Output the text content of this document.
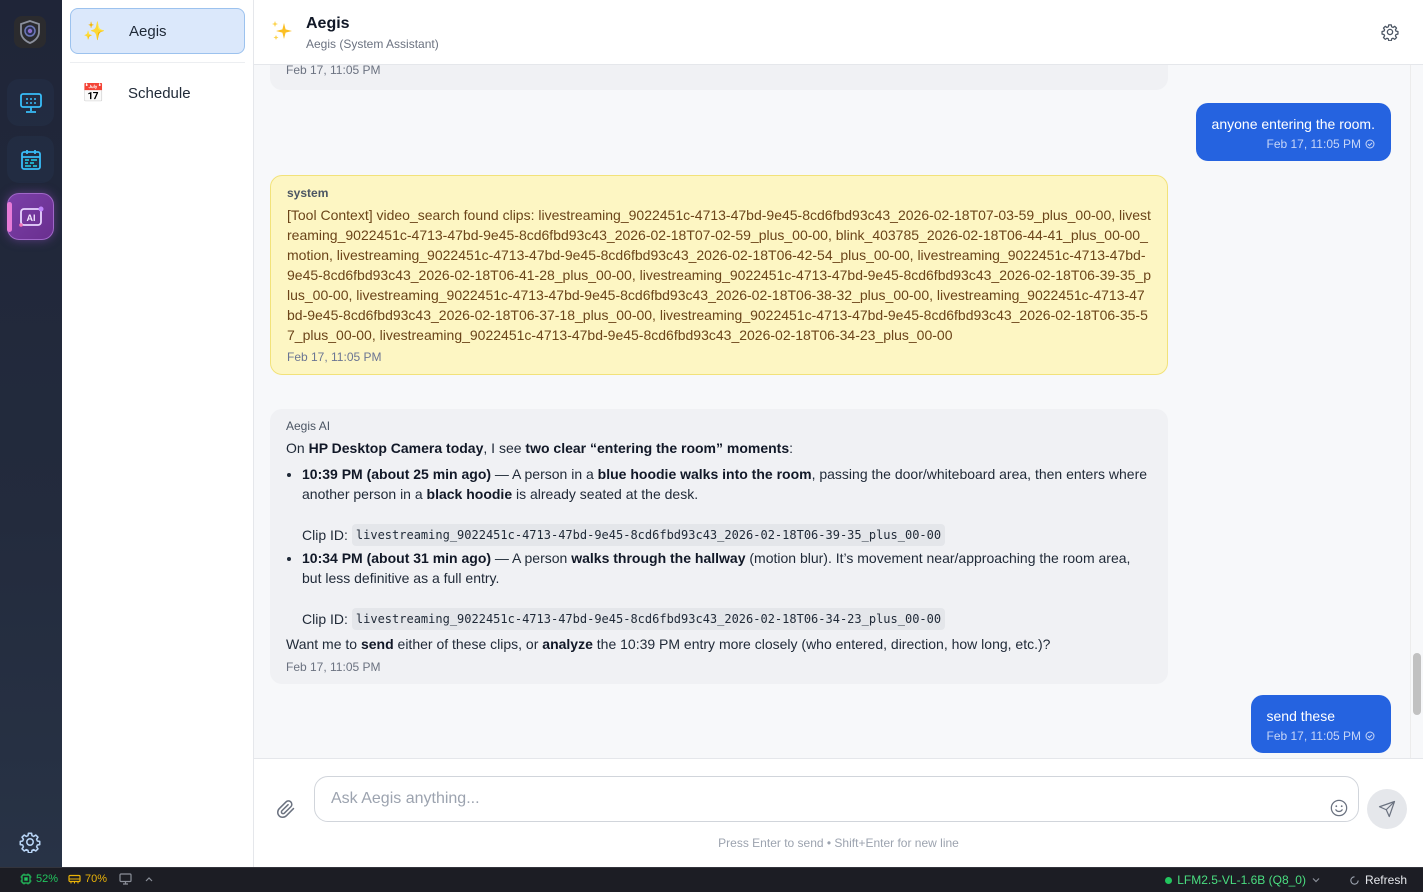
AI
✨ Aegis
📅 Schedule
Aegis
Aegis (System Assistant)
Feb 17, 11:05 PM
anyone entering the room.
Feb 17, 11:05 PM
system
[Tool Context] video_search found clips: livestreaming_9022451c-4713-47bd-9e45-8cd6fbd93c43_2026-02-18T07-03-59_plus_00-00, livestreaming_9022451c-4713-47bd-9e45-8cd6fbd93c43_2026-02-18T07-02-59_plus_00-00, blink_403785_2026-02-18T06-44-41_plus_00-00_motion, livestreaming_9022451c-4713-47bd-9e45-8cd6fbd93c43_2026-02-18T06-42-54_plus_00-00, livestreaming_9022451c-4713-47bd-9e45-8cd6fbd93c43_2026-02-18T06-41-28_plus_00-00, livestreaming_9022451c-4713-47bd-9e45-8cd6fbd93c43_2026-02-18T06-39-35_plus_00-00, livestreaming_9022451c-4713-47bd-9e45-8cd6fbd93c43_2026-02-18T06-38-32_plus_00-00, livestreaming_9022451c-4713-47bd-9e45-8cd6fbd93c43_2026-02-18T06-37-18_plus_00-00, livestreaming_9022451c-4713-47bd-9e45-8cd6fbd93c43_2026-02-18T06-35-57_plus_00-00, livestreaming_9022451c-4713-47bd-9e45-8cd6fbd93c43_2026-02-18T06-34-23_plus_00-00
Feb 17, 11:05 PM
Aegis AI
On HP Desktop Camera today, I see two clear “entering the room” moments:
• 10:39 PM (about 25 min ago) — A person in a blue hoodie walks into the room, passing the door/whiteboard area, then enters where another person in a black hoodie is already seated at the desk.
Clip ID: livestreaming_9022451c-4713-47bd-9e45-8cd6fbd93c43_2026-02-18T06-39-35_plus_00-00
• 10:34 PM (about 31 min ago) — A person walks through the hallway (motion blur). It’s movement near/approaching the room area, but less definitive as a full entry.
Clip ID: livestreaming_9022451c-4713-47bd-9e45-8cd6fbd93c43_2026-02-18T06-34-23_plus_00-00
Want me to send either of these clips, or analyze the 10:39 PM entry more closely (who entered, direction, how long, etc.)?
Feb 17, 11:05 PM
send these
Feb 17, 11:05 PM
Ask Aegis anything...
Press Enter to send • Shift+Enter for new line
52% 70%	LFM2.5-VL-1.6B (Q8_0)	Refresh
